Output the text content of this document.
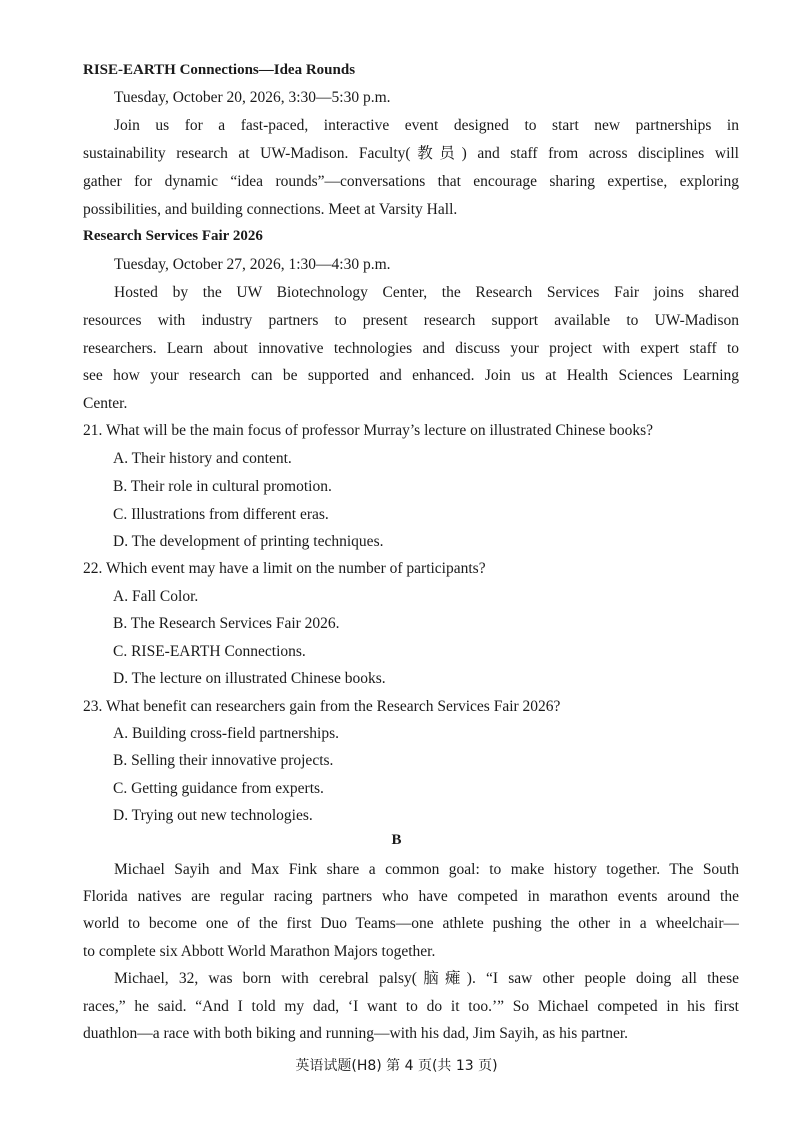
RISE-EARTH Connections—Idea Rounds
Tuesday, October 20, 2026, 3:30—5:30 p.m.
Join us for a fast-paced, interactive event designed to start new partnerships in
sustainability research at UW-Madison. Faculty(教员) and staff from across disciplines will
gather for dynamic “idea rounds”—conversations that encourage sharing expertise, exploring
possibilities, and building connections. Meet at Varsity Hall.
Research Services Fair 2026
Tuesday, October 27, 2026, 1:30—4:30 p.m.
Hosted by the UW Biotechnology Center, the Research Services Fair joins shared
resources with industry partners to present research support available to UW-Madison
researchers. Learn about innovative technologies and discuss your project with expert staff to
see how your research can be supported and enhanced. Join us at Health Sciences Learning
Center.
21. What will be the main focus of professor Murray’s lecture on illustrated Chinese books?
A. Their history and content.
B. Their role in cultural promotion.
C. Illustrations from different eras.
D. The development of printing techniques.
22. Which event may have a limit on the number of participants?
A. Fall Color.
B. The Research Services Fair 2026.
C. RISE-EARTH Connections.
D. The lecture on illustrated Chinese books.
23. What benefit can researchers gain from the Research Services Fair 2026?
A. Building cross-field partnerships.
B. Selling their innovative projects.
C. Getting guidance from experts.
D. Trying out new technologies.
B
Michael Sayih and Max Fink share a common goal: to make history together. The South
Florida natives are regular racing partners who have competed in marathon events around the
world to become one of the first Duo Teams—one athlete pushing the other in a wheelchair—
to complete six Abbott World Marathon Majors together.
Michael, 32, was born with cerebral palsy(脑瘫). “I saw other people doing all these
races,” he said. “And I told my dad, ‘I want to do it too.’” So Michael competed in his first
duathlon—a race with both biking and running—with his dad, Jim Sayih, as his partner.
英语试题(H8) 第 4 页(共 13 页)
